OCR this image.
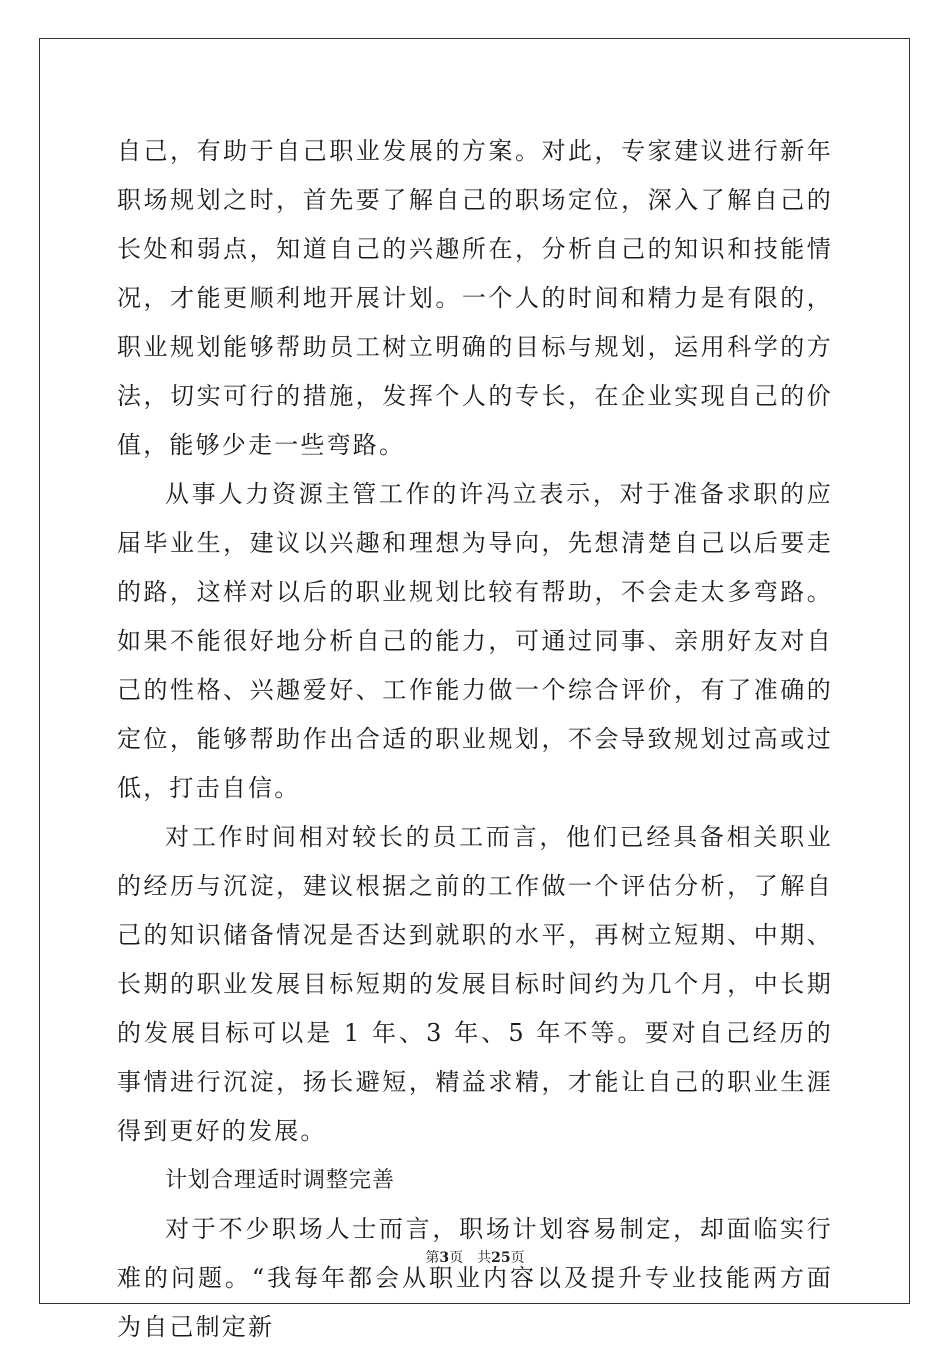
自己，有助于自己职业发展的方案。对此，专家建议进行新年职场规划之时，首先要了解自己的职场定位，深入了解自己的长处和弱点，知道自己的兴趣所在，分析自己的知识和技能情况，才能更顺利地开展计划。一个人的时间和精力是有限的，职业规划能够帮助员工树立明确的目标与规划，运用科学的方法，切实可行的措施，发挥个人的专长，在企业实现自己的价值，能够少走一些弯路。

从事人力资源主管工作的许冯立表示，对于准备求职的应届毕业生，建议以兴趣和理想为导向，先想清楚自己以后要走的路，这样对以后的职业规划比较有帮助，不会走太多弯路。如果不能很好地分析自己的能力，可通过同事、亲朋好友对自己的性格、兴趣爱好、工作能力做一个综合评价，有了准确的定位，能够帮助作出合适的职业规划，不会导致规划过高或过低，打击自信。

对工作时间相对较长的员工而言，他们已经具备相关职业的经历与沉淀，建议根据之前的工作做一个评估分析，了解自己的知识储备情况是否达到就职的水平，再树立短期、中期、长期的职业发展目标短期的发展目标时间约为几个月，中长期的发展目标可以是 1 年、3 年、5 年不等。要对自己经历的事情进行沉淀，扬长避短，精益求精，才能让自己的职业生涯得到更好的发展。

计划合理适时调整完善

对于不少职场人士而言，职场计划容易制定，却面临实行难的问题。“我每年都会从职业内容以及提升专业技能两方面为自己制定新

第3页 共25页
